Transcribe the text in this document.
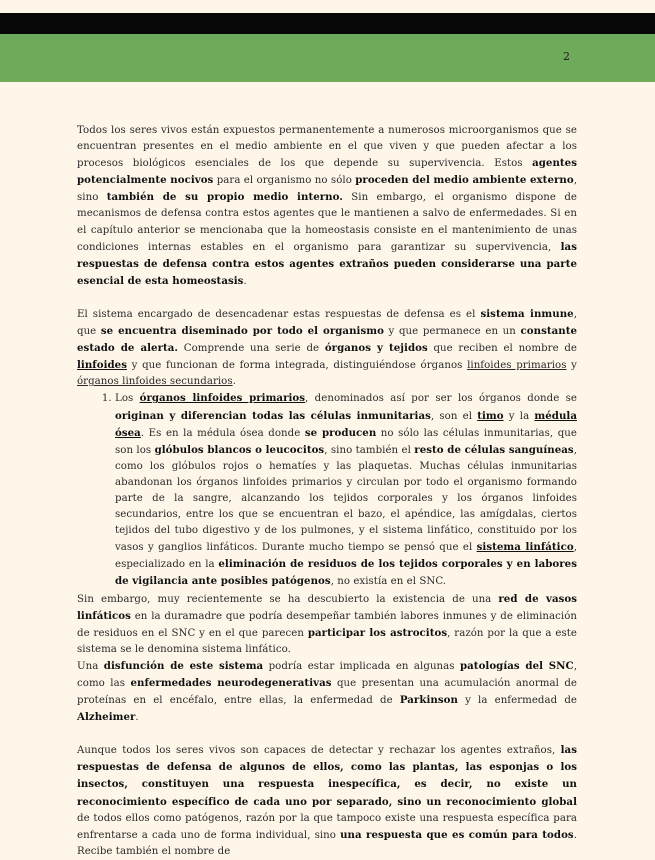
2

Todos los seres vivos están expuestos permanentemente a numerosos microorganismos que se encuentran presentes en el medio ambiente en el que viven y que pueden afectar a los procesos biológicos esenciales de los que depende su supervivencia. Estos agentes potencialmente nocivos para el organismo no sólo proceden del medio ambiente externo, sino también de su propio medio interno. Sin embargo, el organismo dispone de mecanismos de defensa contra estos agentes que le mantienen a salvo de enfermedades. Si en el capítulo anterior se mencionaba que la homeostasis consiste en el mantenimiento de unas condiciones internas estables en el organismo para garantizar su supervivencia, las respuestas de defensa contra estos agentes extraños pueden considerarse una parte esencial de esta homeostasis.

El sistema encargado de desencadenar estas respuestas de defensa es el sistema inmune, que se encuentra diseminado por todo el organismo y que permanece en un constante estado de alerta. Comprende una serie de órganos y tejidos que reciben el nombre de linfoides y que funcionan de forma integrada, distinguiéndose órganos linfoides primarios y órganos linfoides secundarios.

1. Los órganos linfoides primarios, denominados así por ser los órganos donde se originan y diferencian todas las células inmunitarias, son el timo y la médula ósea. Es en la médula ósea donde se producen no sólo las células inmunitarias, que son los glóbulos blancos o leucocitos, sino también el resto de células sanguíneas, como los glóbulos rojos o hematíes y las plaquetas. Muchas células inmunitarias abandonan los órganos linfoides primarios y circulan por todo el organismo formando parte de la sangre, alcanzando los tejidos corporales y los órganos linfoides secundarios, entre los que se encuentran el bazo, el apéndice, las amígdalas, ciertos tejidos del tubo digestivo y de los pulmones, y el sistema linfático, constituido por los vasos y ganglios linfáticos. Durante mucho tiempo se pensó que el sistema linfático, especializado en la eliminación de residuos de los tejidos corporales y en labores de vigilancia ante posibles patógenos, no existía en el SNC.

Sin embargo, muy recientemente se ha descubierto la existencia de una red de vasos linfáticos en la duramadre que podría desempeñar también labores inmunes y de eliminación de residuos en el SNC y en el que parecen participar los astrocitos, razón por la que a este sistema se le denomina sistema linfático.

Una disfunción de este sistema podría estar implicada en algunas patologías del SNC, como las enfermedades neurodegenerativas que presentan una acumulación anormal de proteínas en el encéfalo, entre ellas, la enfermedad de Parkinson y la enfermedad de Alzheimer.

Aunque todos los seres vivos son capaces de detectar y rechazar los agentes extraños, las respuestas de defensa de algunos de ellos, como las plantas, las esponjas o los insectos, constituyen una respuesta inespecífica, es decir, no existe un reconocimiento específico de cada uno por separado, sino un reconocimiento global de todos ellos como patógenos, razón por la que tampoco existe una respuesta específica para enfrentarse a cada uno de forma individual, sino una respuesta que es común para todos. Recibe también el nombre de
